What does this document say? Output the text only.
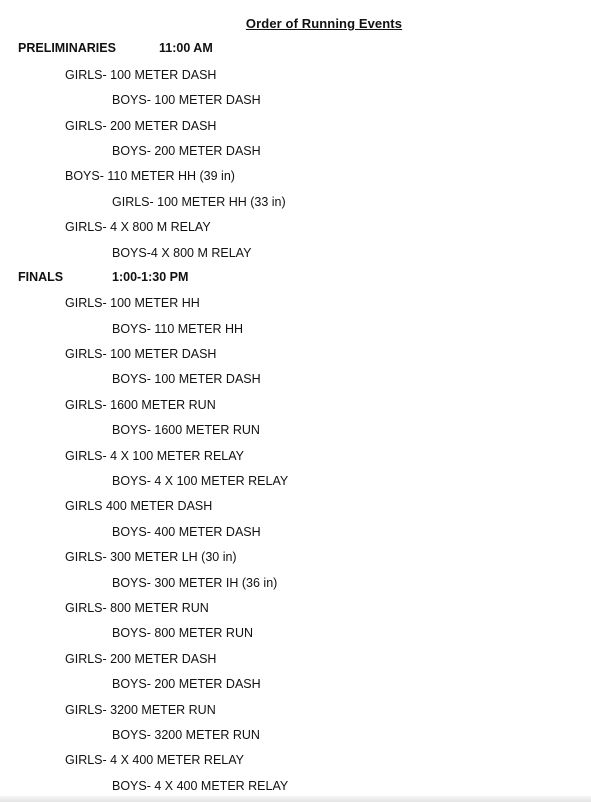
Order of Running Events
PRELIMINARIES	11:00 AM
GIRLS- 100 METER DASH
BOYS- 100 METER DASH
GIRLS- 200 METER DASH
BOYS- 200 METER DASH
BOYS- 110 METER HH (39 in)
GIRLS- 100 METER HH (33 in)
GIRLS- 4 X 800 M RELAY
BOYS-4 X 800 M RELAY
FINALS	1:00-1:30 PM
GIRLS- 100 METER HH
BOYS- 110 METER HH
GIRLS- 100 METER DASH
BOYS- 100 METER DASH
GIRLS- 1600 METER RUN
BOYS- 1600 METER RUN
GIRLS- 4 X 100 METER RELAY
BOYS- 4 X 100 METER RELAY
GIRLS 400 METER DASH
BOYS- 400 METER DASH
GIRLS- 300 METER LH (30 in)
BOYS- 300 METER IH (36 in)
GIRLS- 800 METER RUN
BOYS- 800 METER RUN
GIRLS- 200 METER DASH
BOYS- 200 METER DASH
GIRLS- 3200 METER RUN
BOYS- 3200 METER RUN
GIRLS- 4 X 400 METER RELAY
BOYS- 4 X 400 METER RELAY
